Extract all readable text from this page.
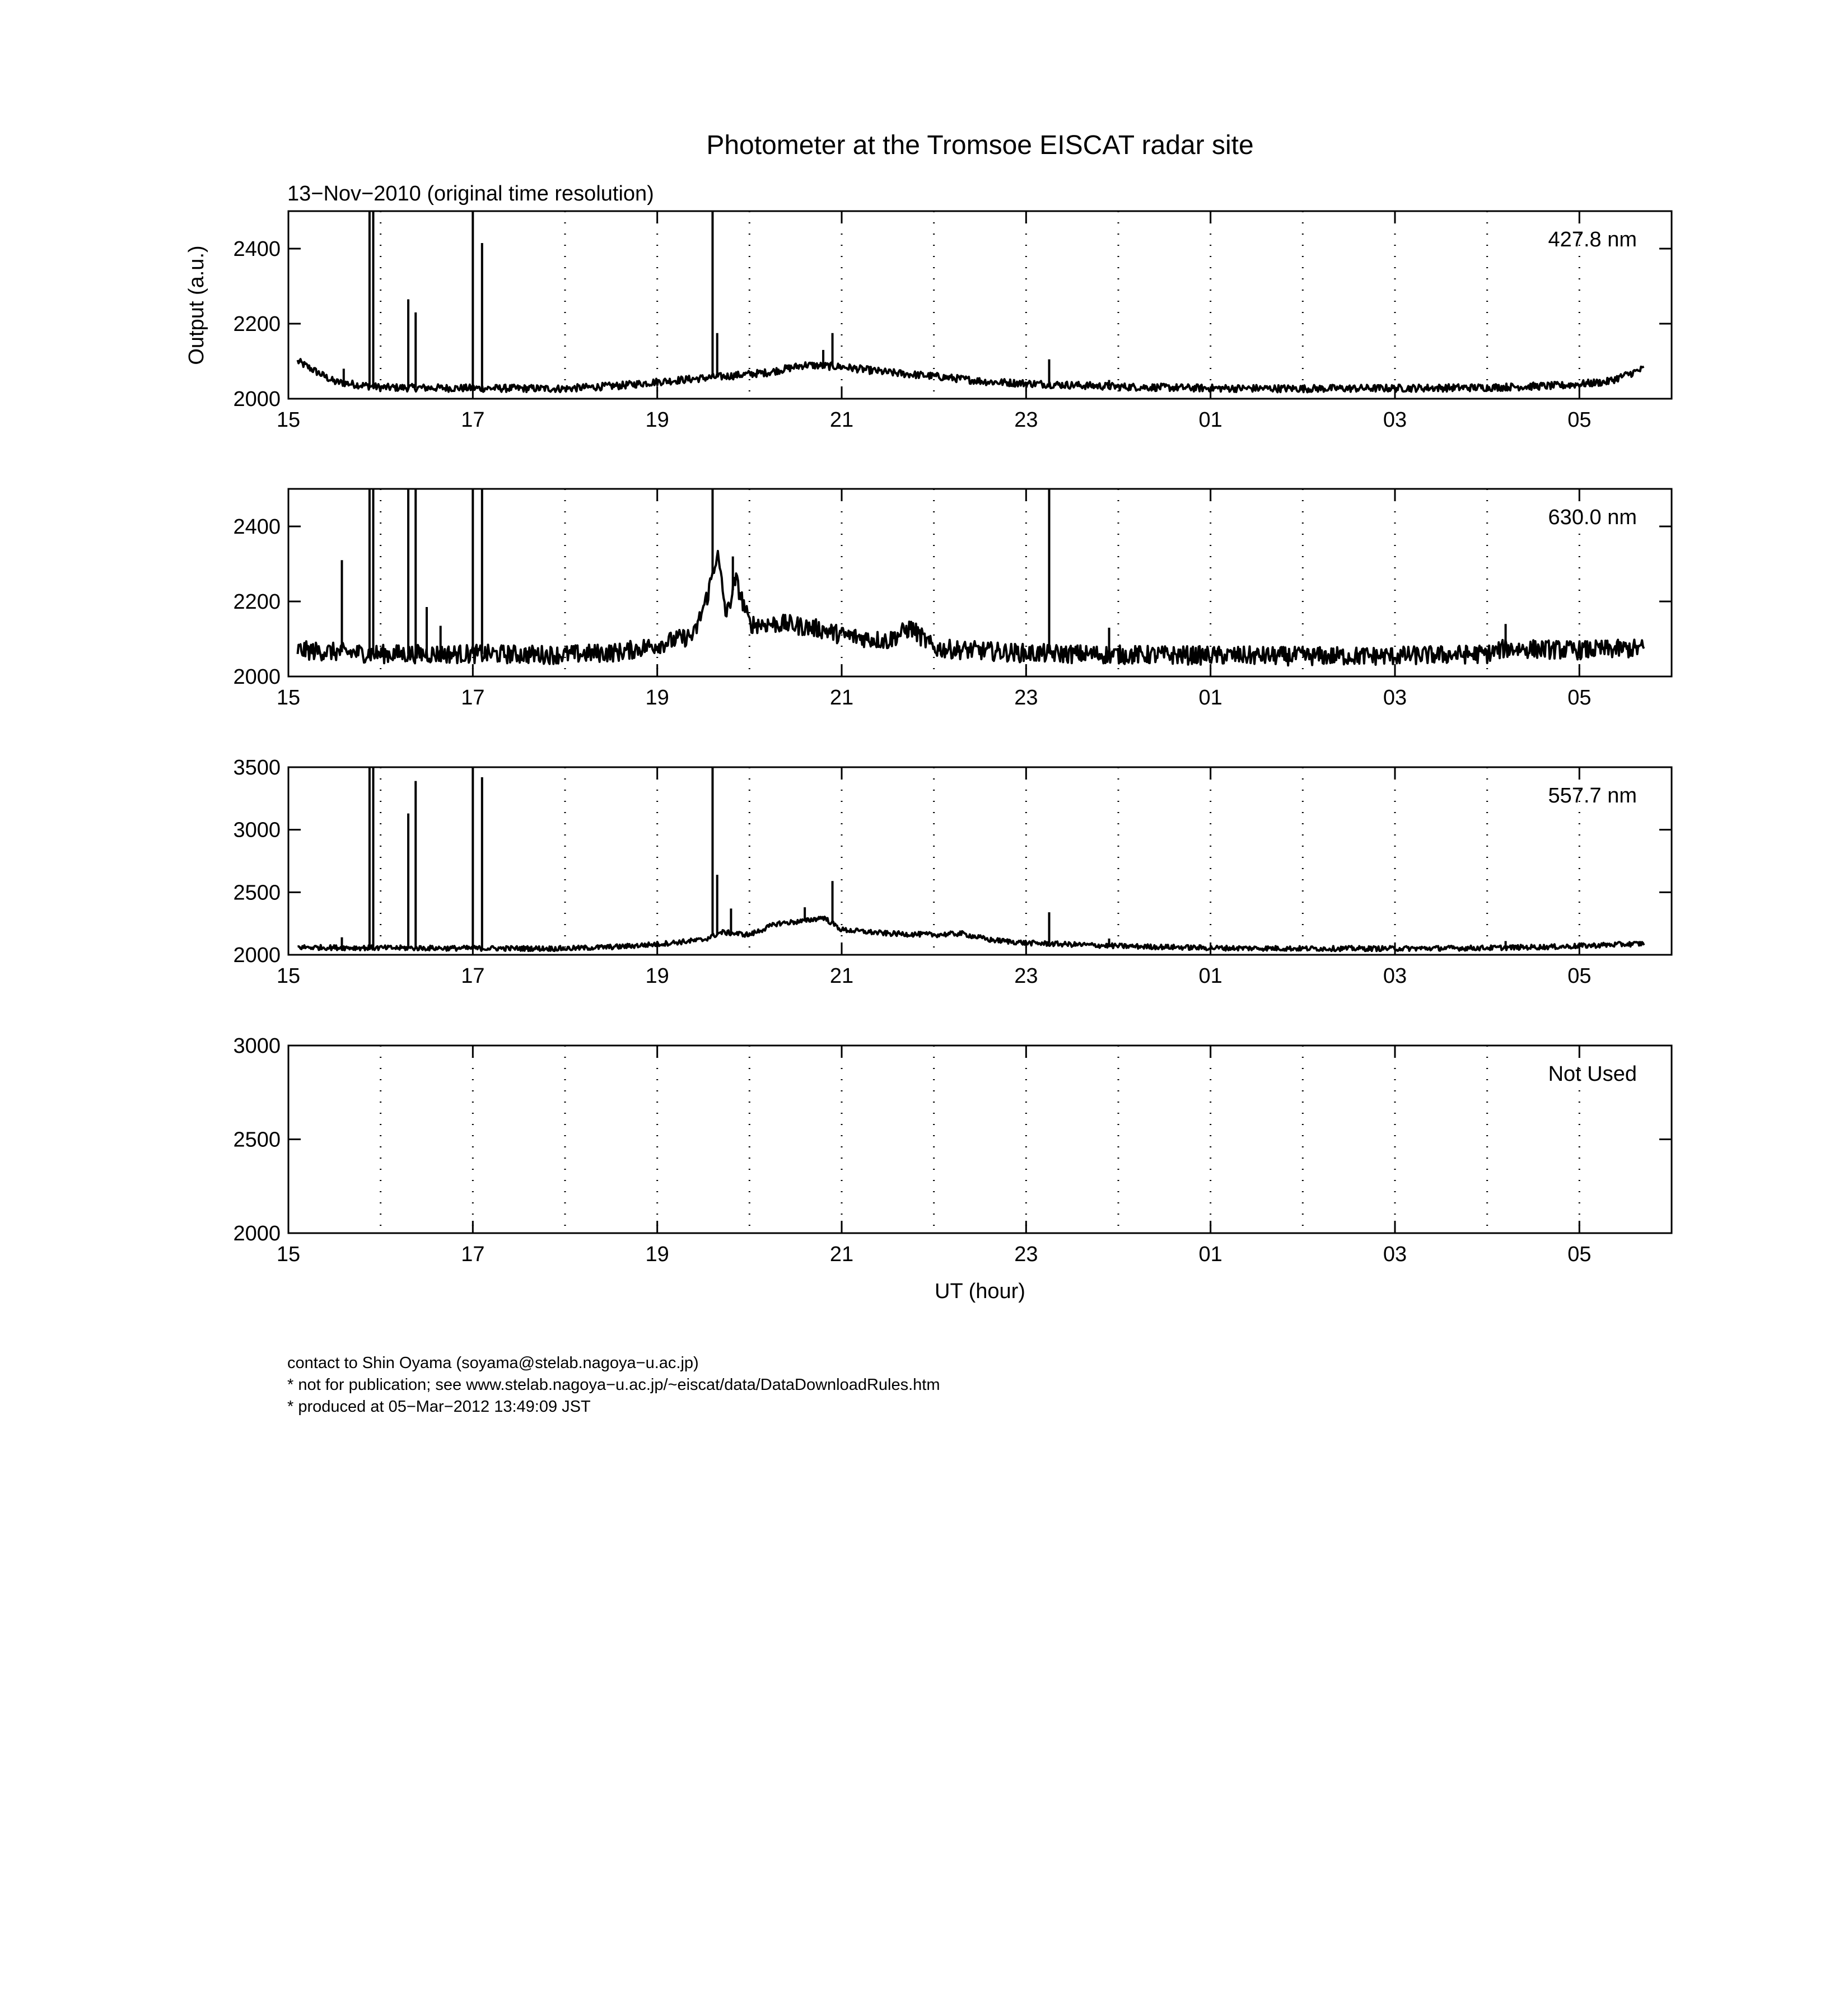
Photometer at the Tromsoe EISCAT radar site
13−Nov−2010 (original time resolution)
Output (a.u.)
UT (hour)
2000
2200
2400
15	17	19	21	23	01	03	05
427.8 nm
2000
2200
2400
15	17	19	21	23	01	03	05
630.0 nm
2000
2500
3000
3500
15	17	19	21	23	01	03	05
557.7 nm
2000
2500
3000
15	17	19	21	23	01	03	05
Not Used
contact to Shin Oyama (soyama@stelab.nagoya−u.ac.jp)
* not for publication; see www.stelab.nagoya−u.ac.jp/~eiscat/data/DataDownloadRules.htm
* produced at 05−Mar−2012 13:49:09 JST
